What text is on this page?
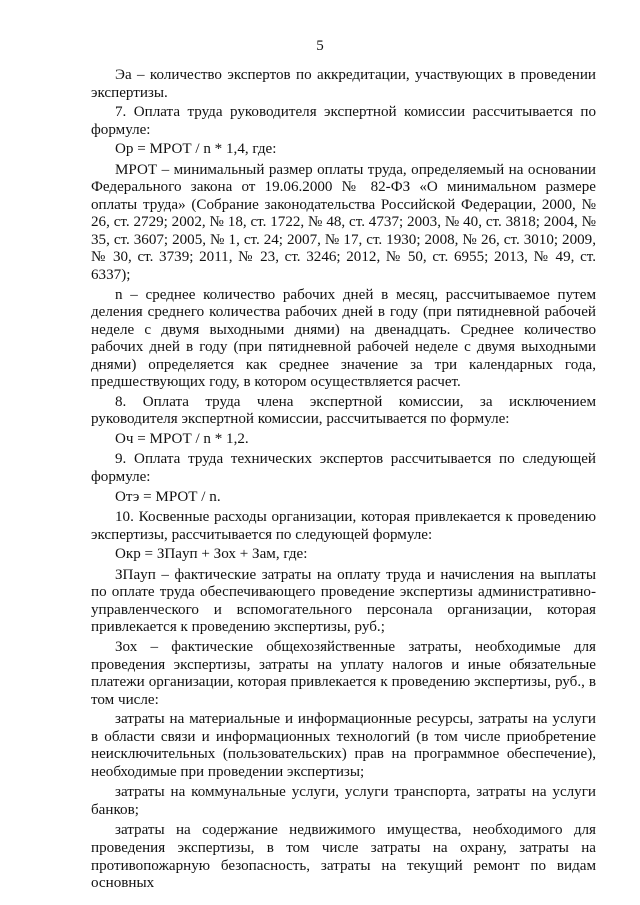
5

Эа – количество экспертов по аккредитации, участвующих в проведении экспертизы.

7. Оплата труда руководителя экспертной комиссии рассчитывается по формуле:

Ор = МРОТ / n * 1,4, где:

МРОТ – минимальный размер оплаты труда, определяемый на основании Федерального закона от 19.06.2000 № 82-ФЗ «О минимальном размере оплаты труда» (Собрание законодательства Российской Федерации, 2000, № 26, ст. 2729; 2002, № 18, ст. 1722, № 48, ст. 4737; 2003, № 40, ст. 3818; 2004, № 35, ст. 3607; 2005, № 1, ст. 24; 2007, № 17, ст. 1930; 2008, № 26, ст. 3010; 2009, № 30, ст. 3739; 2011, № 23, ст. 3246; 2012, № 50, ст. 6955; 2013, № 49, ст. 6337);

n – среднее количество рабочих дней в месяц, рассчитываемое путем деления среднего количества рабочих дней в году (при пятидневной рабочей неделе с двумя выходными днями) на двенадцать. Среднее количество рабочих дней в году (при пятидневной рабочей неделе с двумя выходными днями) определяется как среднее значение за три календарных года, предшествующих году, в котором осуществляется расчет.

8. Оплата труда члена экспертной комиссии, за исключением руководителя экспертной комиссии, рассчитывается по формуле:

Оч = МРОТ / n * 1,2.

9. Оплата труда технических экспертов рассчитывается по следующей формуле:

Отэ = МРОТ / n.

10. Косвенные расходы организации, которая привлекается к проведению экспертизы, рассчитывается по следующей формуле:

Окр = ЗПаyп + Зох + Зам, где:

ЗПаyп – фактические затраты на оплату труда и начисления на выплаты по оплате труда обеспечивающего проведение экспертизы административно-управленческого и вспомогательного персонала организации, которая привлекается к проведению экспертизы, руб.;

Зох – фактические общехозяйственные затраты, необходимые для проведения экспертизы, затраты на уплату налогов и иные обязательные платежи организации, которая привлекается к проведению экспертизы, руб., в том числе:

затраты на материальные и информационные ресурсы, затраты на услуги в области связи и информационных технологий (в том числе приобретение неисключительных (пользовательских) прав на программное обеспечение), необходимые при проведении экспертизы;

затраты на коммунальные услуги, услуги транспорта, затраты на услуги банков;

затраты на содержание недвижимого имущества, необходимого для проведения экспертизы, в том числе затраты на охрану, затраты на противопожарную безопасность, затраты на текущий ремонт по видам основных
